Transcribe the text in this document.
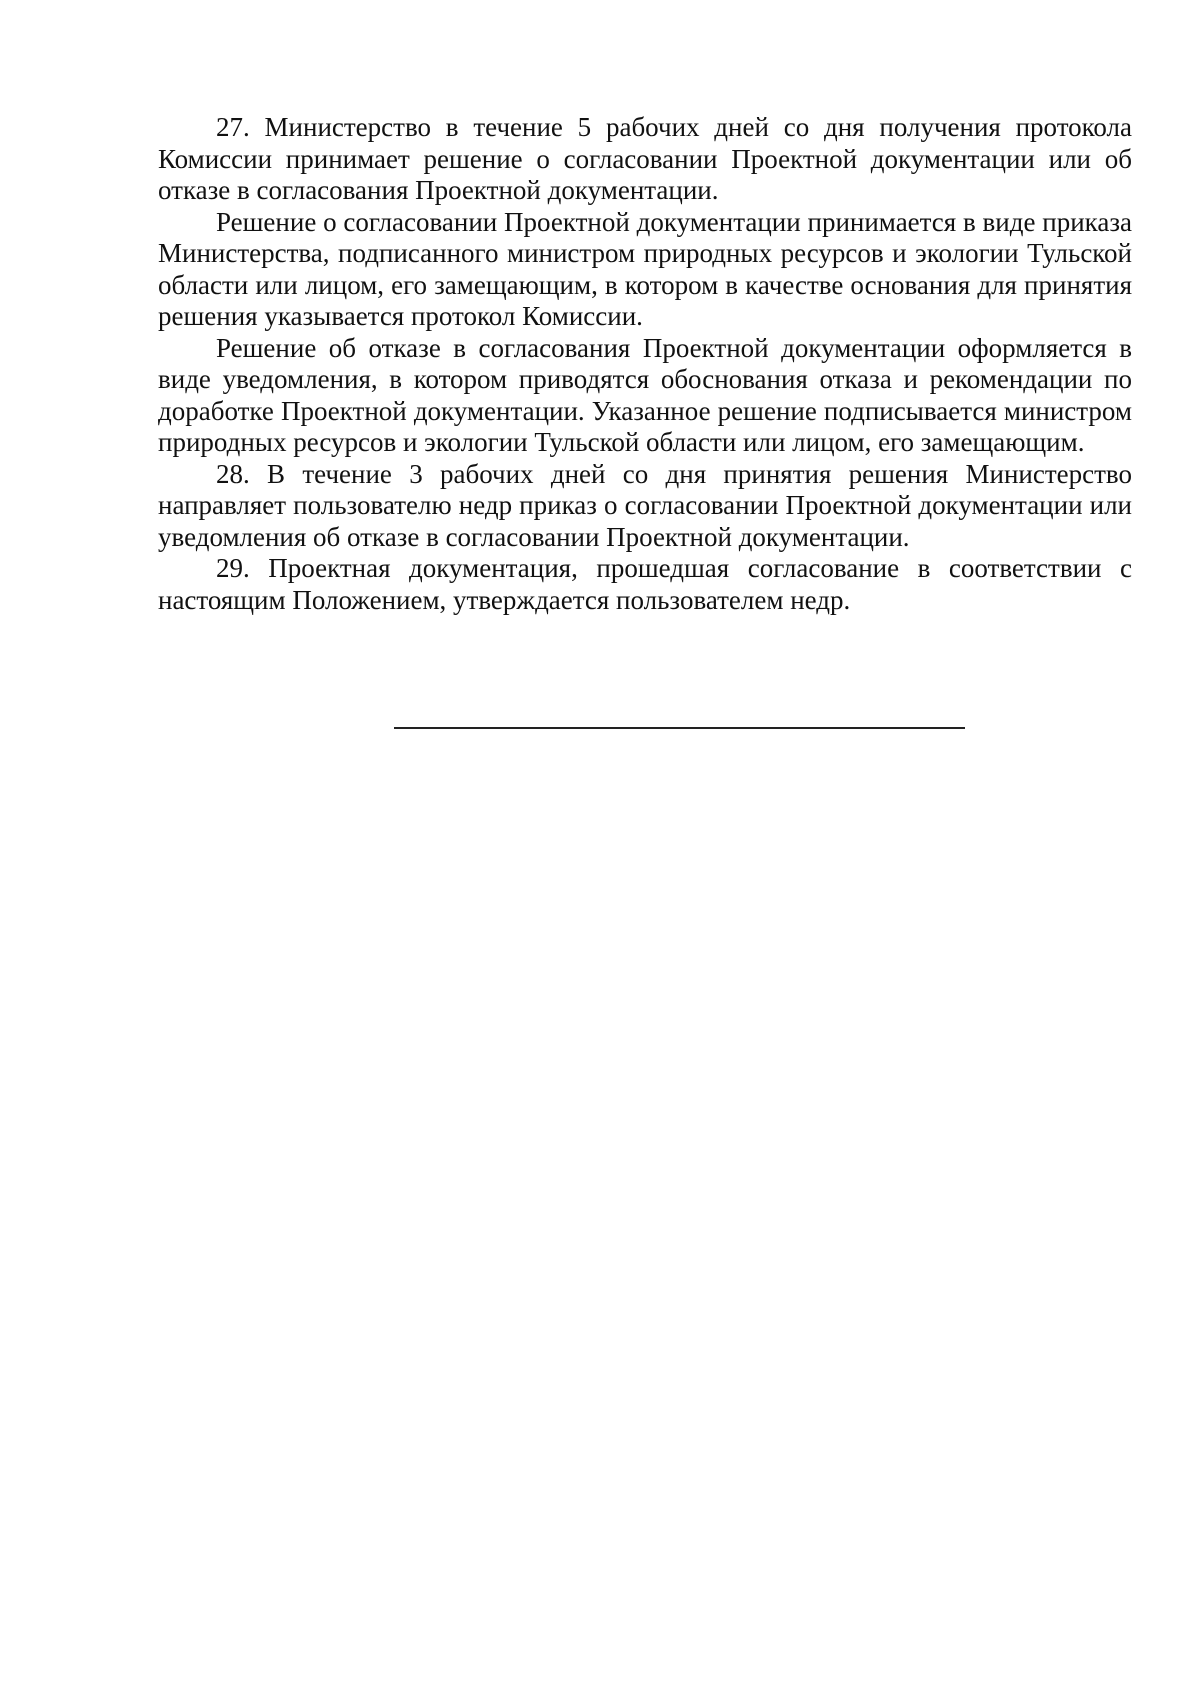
27. Министерство в течение 5 рабочих дней со дня получения протокола Комиссии принимает решение о согласовании Проектной документации или об отказе в согласования Проектной документации.

Решение о согласовании Проектной документации принимается в виде приказа Министерства, подписанного министром природных ресурсов и экологии Тульской области или лицом, его замещающим, в котором в качестве основания для принятия решения указывается протокол Комиссии.

Решение об отказе в согласования Проектной документации оформляется в виде уведомления, в котором приводятся обоснования отказа и рекомендации по доработке Проектной документации. Указанное решение подписывается министром природных ресурсов и экологии Тульской области или лицом, его замещающим.

28. В течение 3 рабочих дней со дня принятия решения Министерство направляет пользователю недр приказ о согласовании Проектной документации или уведомления об отказе в согласовании Проектной документации.

29. Проектная документация, прошедшая согласование в соответствии с настоящим Положением, утверждается пользователем недр.
